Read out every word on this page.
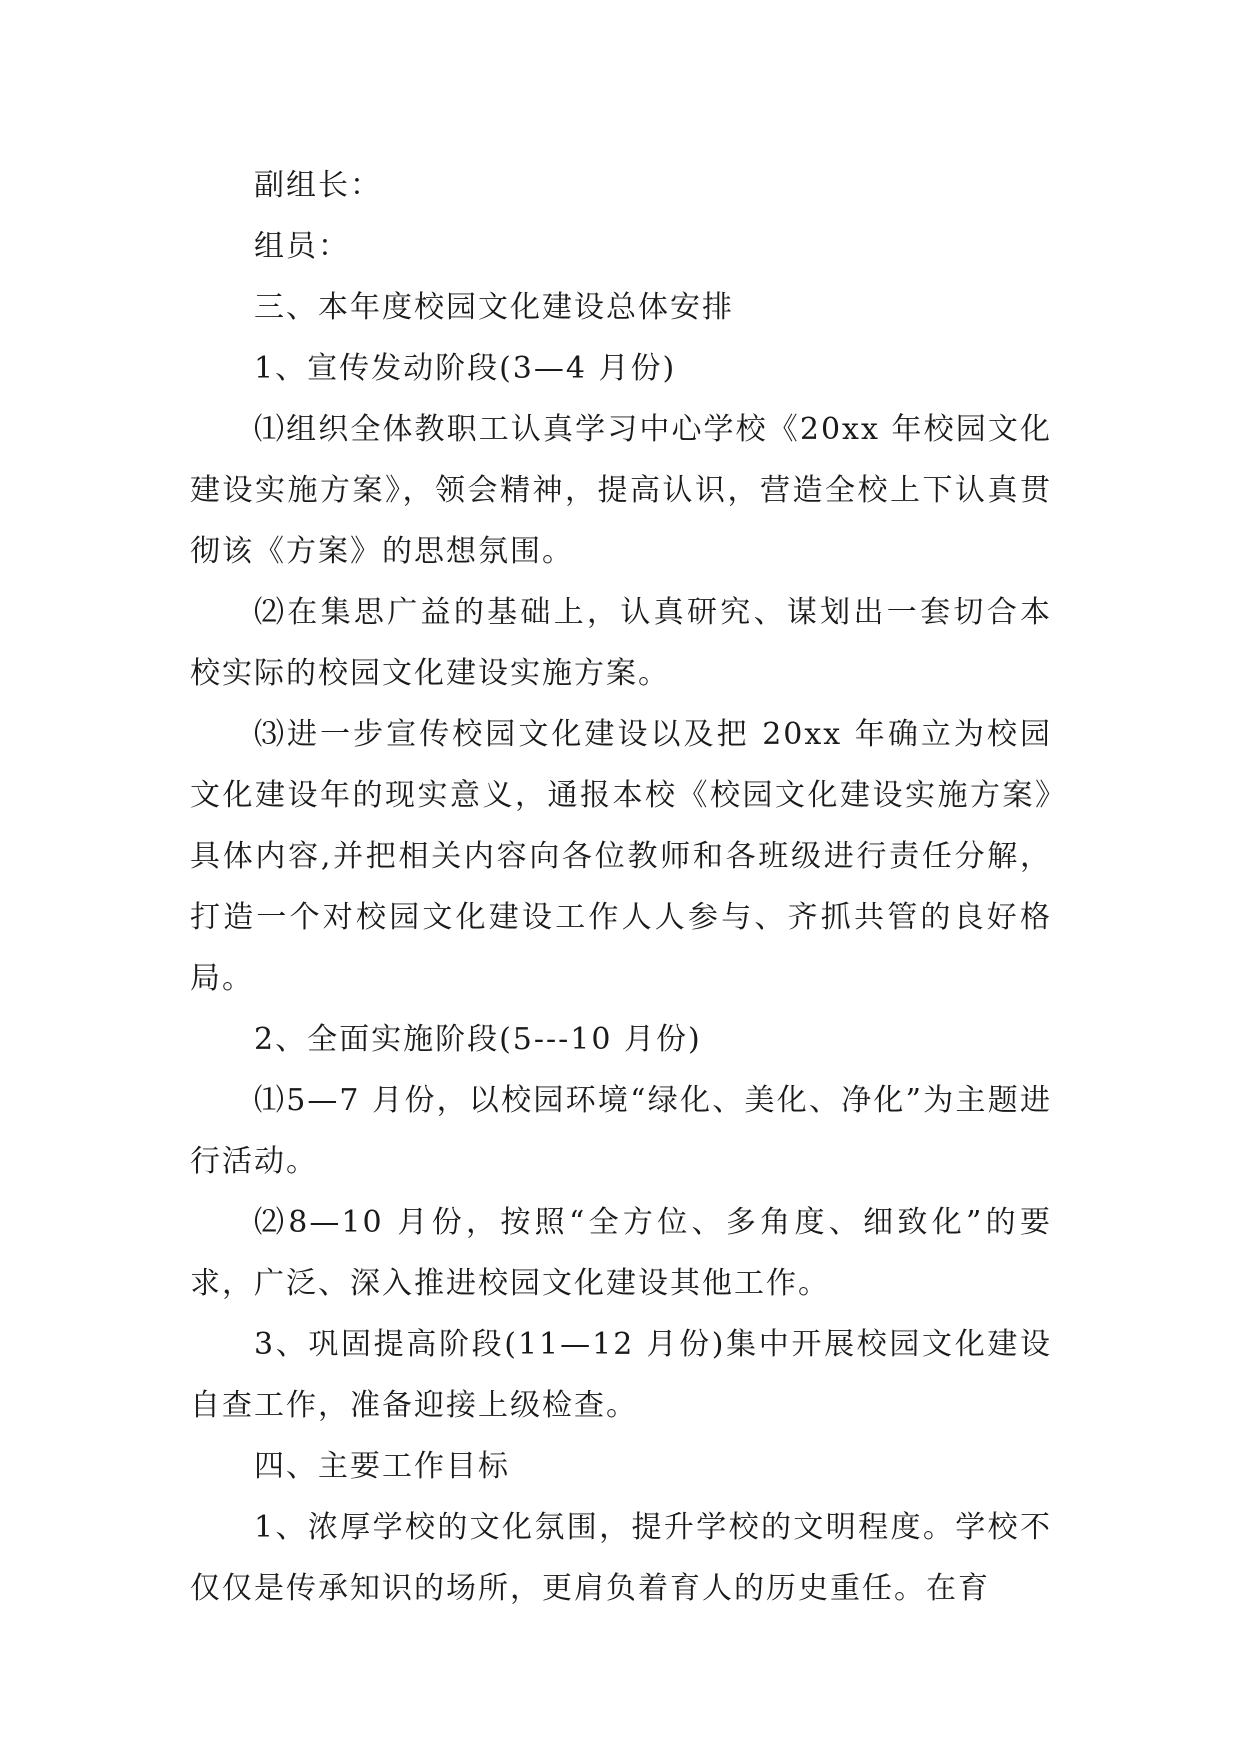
副组长：

组员：

三、本年度校园文化建设总体安排

1、宣传发动阶段(3—4 月份)

⑴组织全体教职工认真学习中心学校《20xx 年校园文化建设实施方案》，领会精神，提高认识，营造全校上下认真贯彻该《方案》的思想氛围。

⑵在集思广益的基础上，认真研究、谋划出一套切合本校实际的校园文化建设实施方案。

⑶进一步宣传校园文化建设以及把 20xx 年确立为校园文化建设年的现实意义，通报本校《校园文化建设实施方案》具体内容,并把相关内容向各位教师和各班级进行责任分解，打造一个对校园文化建设工作人人参与、齐抓共管的良好格局。

2、全面实施阶段(5---10 月份)

⑴5—7 月份，以校园环境“绿化、美化、净化”为主题进行活动。

⑵8—10 月份，按照“全方位、多角度、细致化”的要求，广泛、深入推进校园文化建设其他工作。

3、巩固提高阶段(11—12 月份)集中开展校园文化建设自查工作，准备迎接上级检查。

四、主要工作目标

1、浓厚学校的文化氛围，提升学校的文明程度。学校不仅仅是传承知识的场所，更肩负着育人的历史重任。在育
